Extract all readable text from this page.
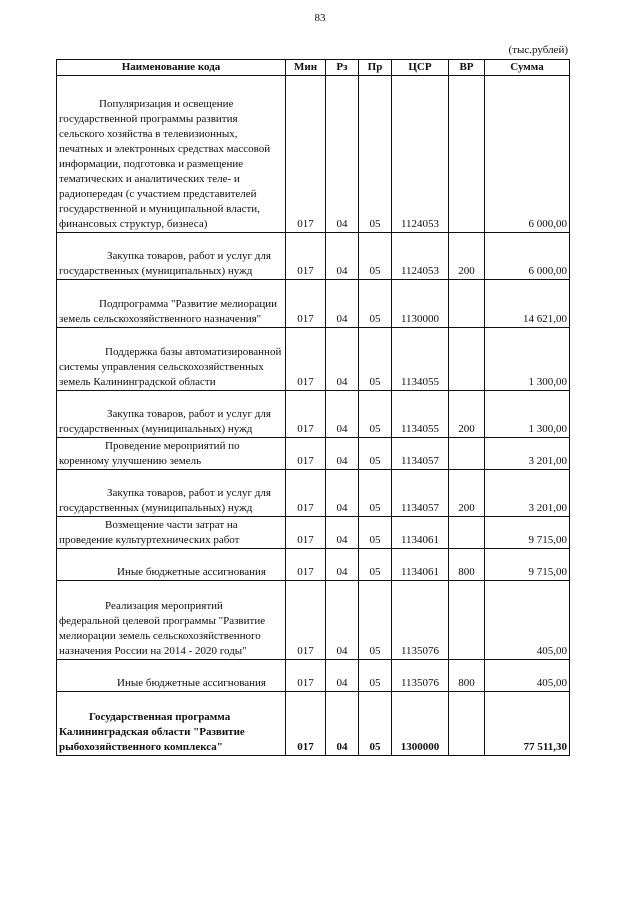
83
(тыс.рублей)
Наименование кода	Мин	Рз	Пр	ЦСР	ВР	Сумма
Популяризация и освещение государственной программы развития сельского хозяйства в телевизионных, печатных и электронных средствах массовой информации, подготовка и размещение тематических и аналитических теле- и радиопередач (с участием представителей государственной и муниципальной власти, финансовых структур, бизнеса)	017	04	05	1124053		6 000,00
Закупка товаров, работ и услуг для государственных (муниципальных) нужд	017	04	05	1124053	200	6 000,00
Подпрограмма "Развитие мелиорации земель сельскохозяйственного назначения"	017	04	05	1130000		14 621,00
Поддержка базы автоматизированной системы управления сельскохозяйственных земель Калининградской области	017	04	05	1134055		1 300,00
Закупка товаров, работ и услуг для государственных (муниципальных) нужд	017	04	05	1134055	200	1 300,00
Проведение мероприятий по коренному улучшению земель	017	04	05	1134057		3 201,00
Закупка товаров, работ и услуг для государственных (муниципальных) нужд	017	04	05	1134057	200	3 201,00
Возмещение части затрат на проведение культуртехнических работ	017	04	05	1134061		9 715,00
Иные бюджетные ассигнования	017	04	05	1134061	800	9 715,00
Реализация мероприятий федеральной целевой программы "Развитие мелиорации земель сельскохозяйственного назначения России на 2014 - 2020 годы"	017	04	05	1135076		405,00
Иные бюджетные ассигнования	017	04	05	1135076	800	405,00
Государственная программа Калининградская области "Развитие рыбохозяйственного комплекса"	017	04	05	1300000		77 511,30
